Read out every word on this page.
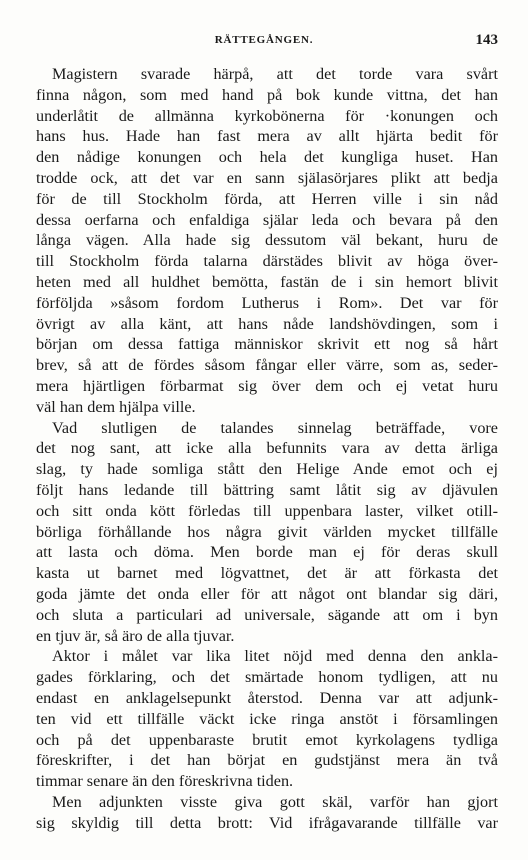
RÄTTEGÅNGEN.	143
Magistern svarade härpå, att det torde vara svårt
finna någon, som med hand på bok kunde vittna, det han
underlåtit de allmänna kyrkobönerna för ·konungen och
hans hus. Hade han fast mera av allt hjärta bedit för
den nådige konungen och hela det kungliga huset. Han
trodde ock, att det var en sann själasörjares plikt att bedja
för de till Stockholm förda, att Herren ville i sin nåd
dessa oerfarna och enfaldiga själar leda och bevara på den
långa vägen. Alla hade sig dessutom väl bekant, huru de
till Stockholm förda talarna därstädes blivit av höga över-
heten med all huldhet bemötta, fastän de i sin hemort blivit
förföljda »såsom fordom Lutherus i Rom». Det var för
övrigt av alla känt, att hans nåde landshövdingen, som i
början om dessa fattiga människor skrivit ett nog så hårt
brev, så att de fördes såsom fångar eller värre, som as, seder-
mera hjärtligen förbarmat sig över dem och ej vetat huru
väl han dem hjälpa ville.
Vad slutligen de talandes sinnelag beträffade, vore
det nog sant, att icke alla befunnits vara av detta ärliga
slag, ty hade somliga stått den Helige Ande emot och ej
följt hans ledande till bättring samt låtit sig av djävulen
och sitt onda kött förledas till uppenbara laster, vilket otill-
börliga förhållande hos några givit världen mycket tillfälle
att lasta och döma. Men borde man ej för deras skull
kasta ut barnet med lögvattnet, det är att förkasta det
goda jämte det onda eller för att något ont blandar sig däri,
och sluta a particulari ad universale, sägande att om i byn
en tjuv är, så äro de alla tjuvar.
Aktor i målet var lika litet nöjd med denna den ankla-
gades förklaring, och det smärtade honom tydligen, att nu
endast en anklagelsepunkt återstod. Denna var att adjunk-
ten vid ett tillfälle väckt icke ringa anstöt i församlingen
och på det uppenbaraste brutit emot kyrkolagens tydliga
föreskrifter, i det han börjat en gudstjänst mera än två
timmar senare än den föreskrivna tiden.
Men adjunkten visste giva gott skäl, varför han gjort
sig skyldig till detta brott: Vid ifrågavarande tillfälle var
